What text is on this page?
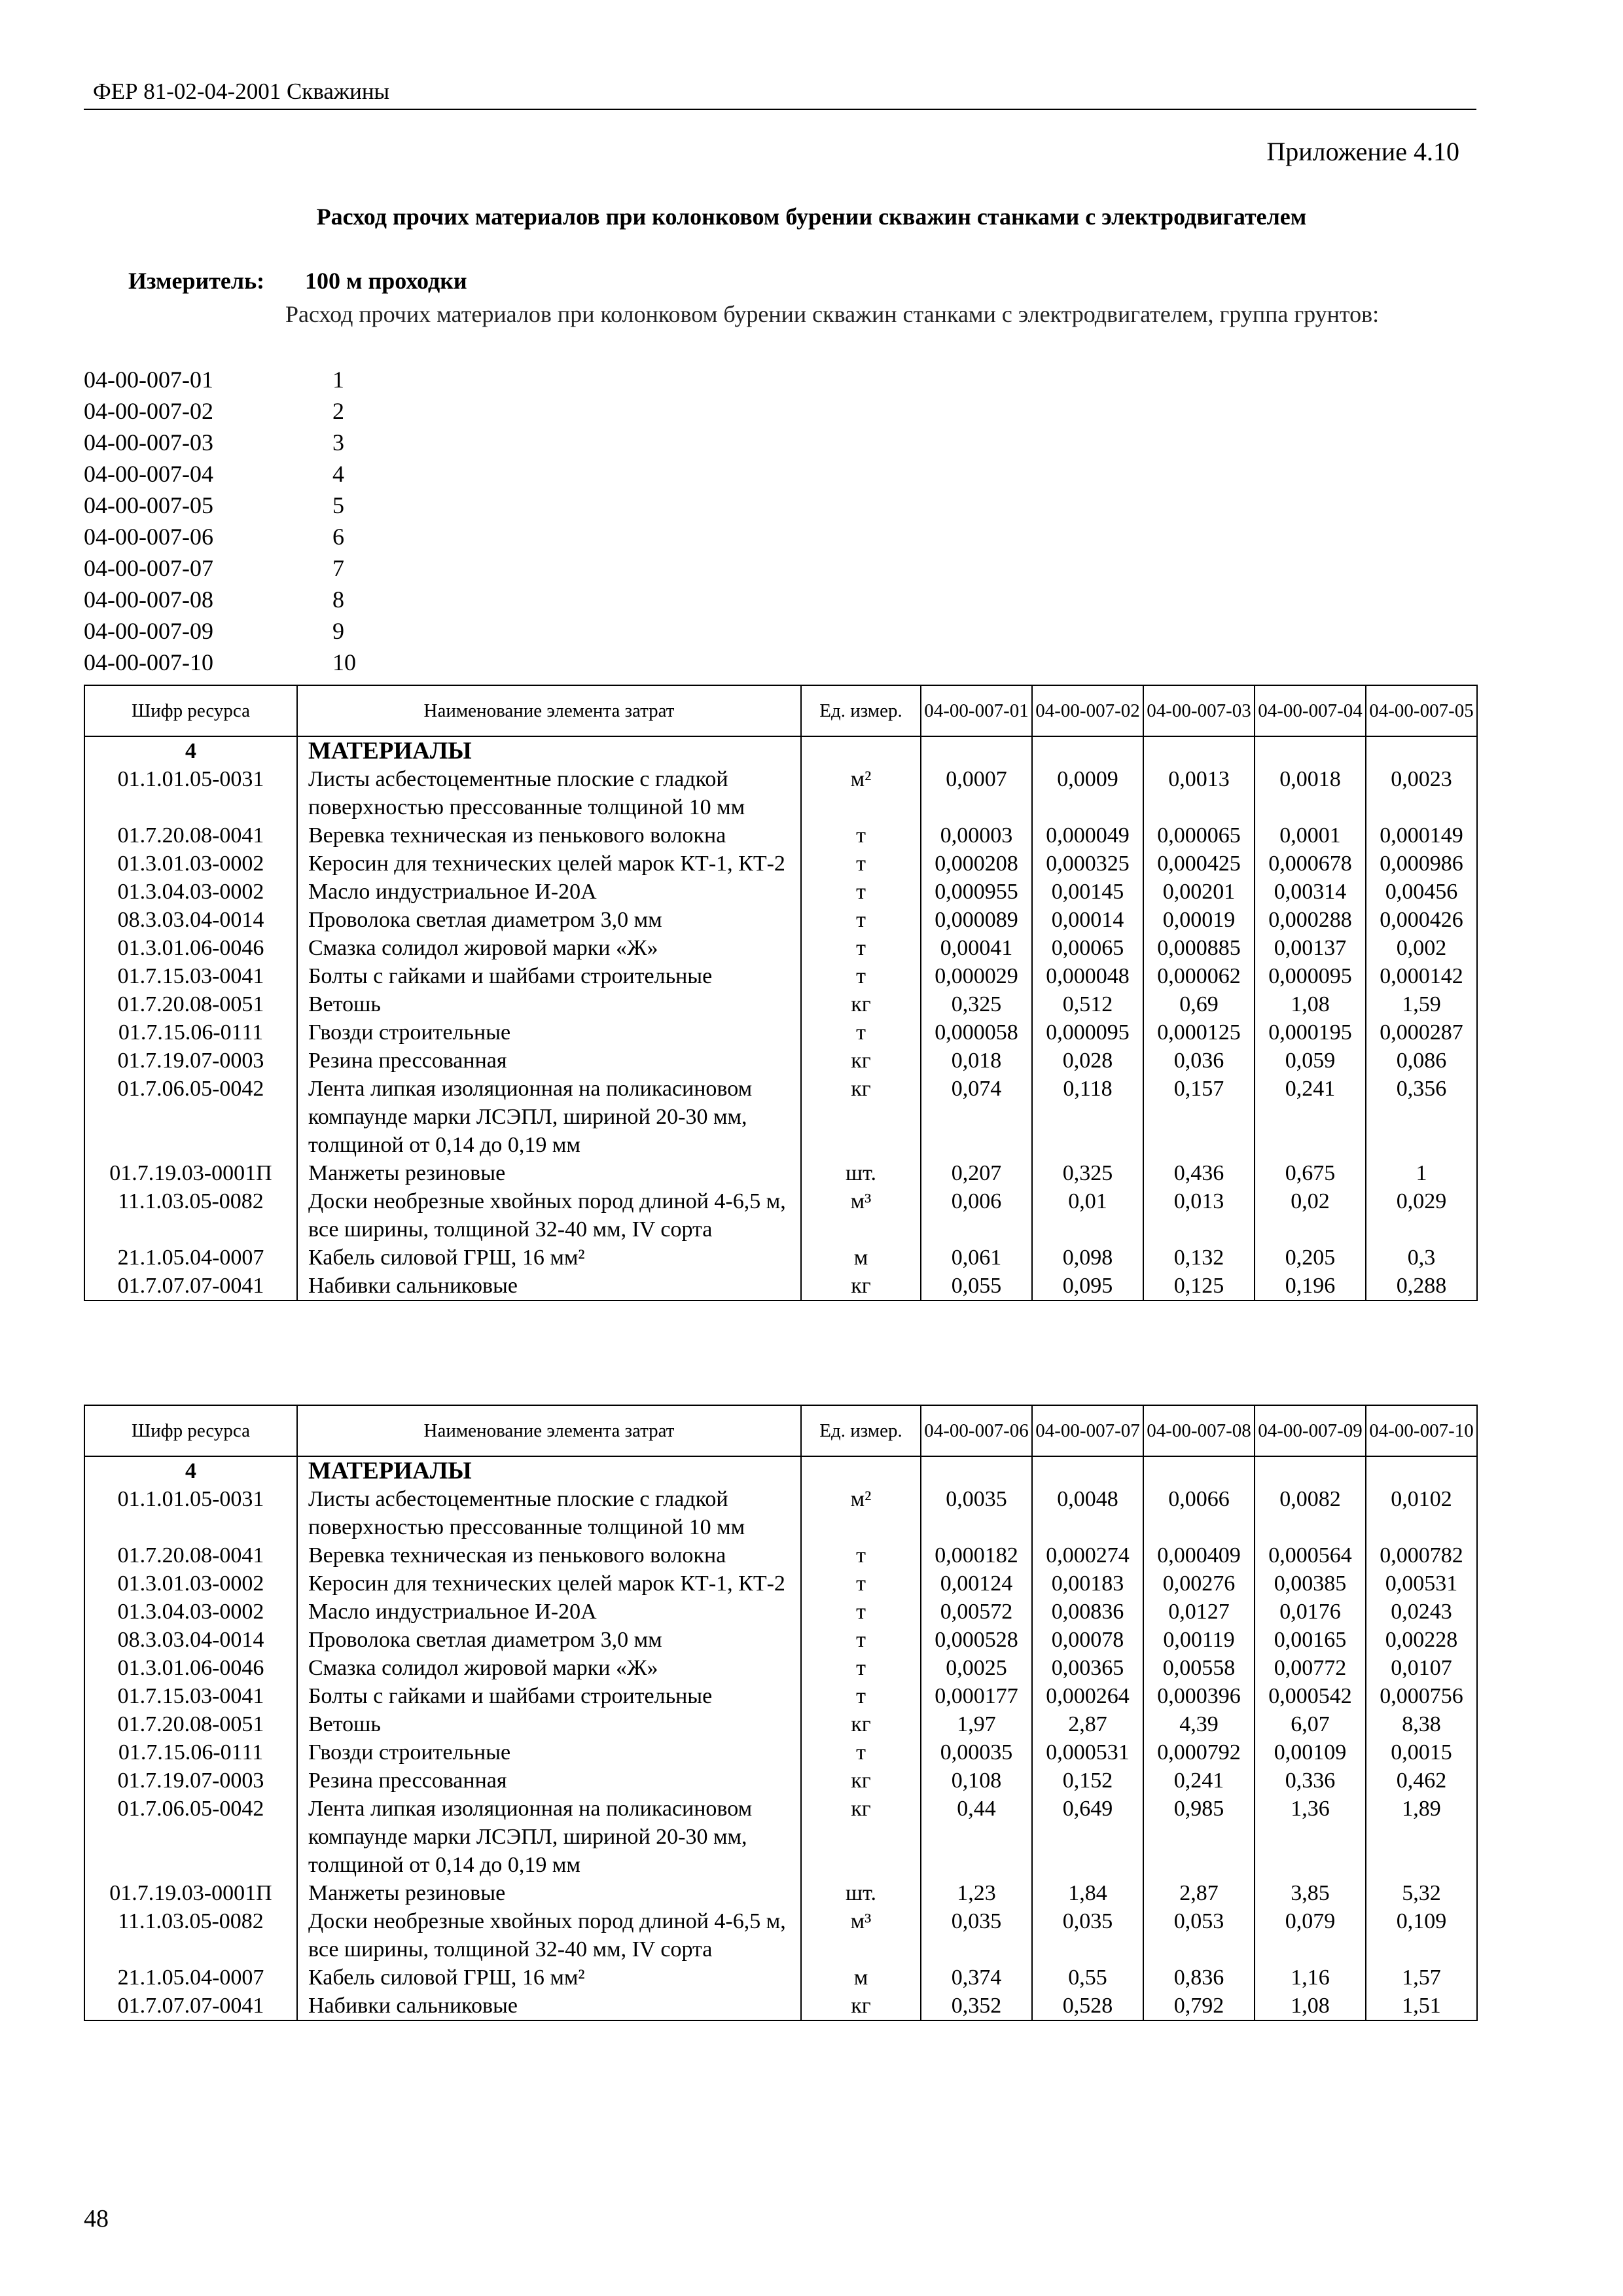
ФЕР 81-02-04-2001 Скважины
Приложение 4.10
Расход прочих материалов при колонковом бурении скважин станками с электродвигателем
Измеритель: 100 м проходки
Расход прочих материалов при колонковом бурении скважин станками с электродвигателем, группа грунтов:
04-00-007-01	1
04-00-007-02	2
04-00-007-03	3
04-00-007-04	4
04-00-007-05	5
04-00-007-06	6
04-00-007-07	7
04-00-007-08	8
04-00-007-09	9
04-00-007-10	10
Шифр ресурса	Наименование элемента затрат	Ед. измер.	04-00-007-01	04-00-007-02	04-00-007-03	04-00-007-04	04-00-007-05
4	МАТЕРИАЛЫ						
01.1.01.05-0031	Листы асбестоцементные плоские с гладкой поверхностью прессованные толщиной 10 мм	м²	0,0007	0,0009	0,0013	0,0018	0,0023
01.7.20.08-0041	Веревка техническая из пенькового волокна	т	0,00003	0,000049	0,000065	0,0001	0,000149
01.3.01.03-0002	Керосин для технических целей марок КТ-1, КТ-2	т	0,000208	0,000325	0,000425	0,000678	0,000986
01.3.04.03-0002	Масло индустриальное И-20А	т	0,000955	0,00145	0,00201	0,00314	0,00456
08.3.03.04-0014	Проволока светлая диаметром 3,0 мм	т	0,000089	0,00014	0,00019	0,000288	0,000426
01.3.01.06-0046	Смазка солидол жировой марки «Ж»	т	0,00041	0,00065	0,000885	0,00137	0,002
01.7.15.03-0041	Болты с гайками и шайбами строительные	т	0,000029	0,000048	0,000062	0,000095	0,000142
01.7.20.08-0051	Ветошь	кг	0,325	0,512	0,69	1,08	1,59
01.7.15.06-0111	Гвозди строительные	т	0,000058	0,000095	0,000125	0,000195	0,000287
01.7.19.07-0003	Резина прессованная	кг	0,018	0,028	0,036	0,059	0,086
01.7.06.05-0042	Лента липкая изоляционная на поликасиновом компаунде марки ЛСЭПЛ, шириной 20-30 мм, толщиной от 0,14 до 0,19 мм	кг	0,074	0,118	0,157	0,241	0,356
01.7.19.03-0001П	Манжеты резиновые	шт.	0,207	0,325	0,436	0,675	1
11.1.03.05-0082	Доски необрезные хвойных пород длиной 4-6,5 м, все ширины, толщиной 32-40 мм, IV сорта	м³	0,006	0,01	0,013	0,02	0,029
21.1.05.04-0007	Кабель силовой ГРШ, 16 мм²	м	0,061	0,098	0,132	0,205	0,3
01.7.07.07-0041	Набивки сальниковые	кг	0,055	0,095	0,125	0,196	0,288
Шифр ресурса	Наименование элемента затрат	Ед. измер.	04-00-007-06	04-00-007-07	04-00-007-08	04-00-007-09	04-00-007-10
4	МАТЕРИАЛЫ						
01.1.01.05-0031	Листы асбестоцементные плоские с гладкой поверхностью прессованные толщиной 10 мм	м²	0,0035	0,0048	0,0066	0,0082	0,0102
01.7.20.08-0041	Веревка техническая из пенькового волокна	т	0,000182	0,000274	0,000409	0,000564	0,000782
01.3.01.03-0002	Керосин для технических целей марок КТ-1, КТ-2	т	0,00124	0,00183	0,00276	0,00385	0,00531
01.3.04.03-0002	Масло индустриальное И-20А	т	0,00572	0,00836	0,0127	0,0176	0,0243
08.3.03.04-0014	Проволока светлая диаметром 3,0 мм	т	0,000528	0,00078	0,00119	0,00165	0,00228
01.3.01.06-0046	Смазка солидол жировой марки «Ж»	т	0,0025	0,00365	0,00558	0,00772	0,0107
01.7.15.03-0041	Болты с гайками и шайбами строительные	т	0,000177	0,000264	0,000396	0,000542	0,000756
01.7.20.08-0051	Ветошь	кг	1,97	2,87	4,39	6,07	8,38
01.7.15.06-0111	Гвозди строительные	т	0,00035	0,000531	0,000792	0,00109	0,0015
01.7.19.07-0003	Резина прессованная	кг	0,108	0,152	0,241	0,336	0,462
01.7.06.05-0042	Лента липкая изоляционная на поликасиновом компаунде марки ЛСЭПЛ, шириной 20-30 мм, толщиной от 0,14 до 0,19 мм	кг	0,44	0,649	0,985	1,36	1,89
01.7.19.03-0001П	Манжеты резиновые	шт.	1,23	1,84	2,87	3,85	5,32
11.1.03.05-0082	Доски необрезные хвойных пород длиной 4-6,5 м, все ширины, толщиной 32-40 мм, IV сорта	м³	0,035	0,035	0,053	0,079	0,109
21.1.05.04-0007	Кабель силовой ГРШ, 16 мм²	м	0,374	0,55	0,836	1,16	1,57
01.7.07.07-0041	Набивки сальниковые	кг	0,352	0,528	0,792	1,08	1,51
48
